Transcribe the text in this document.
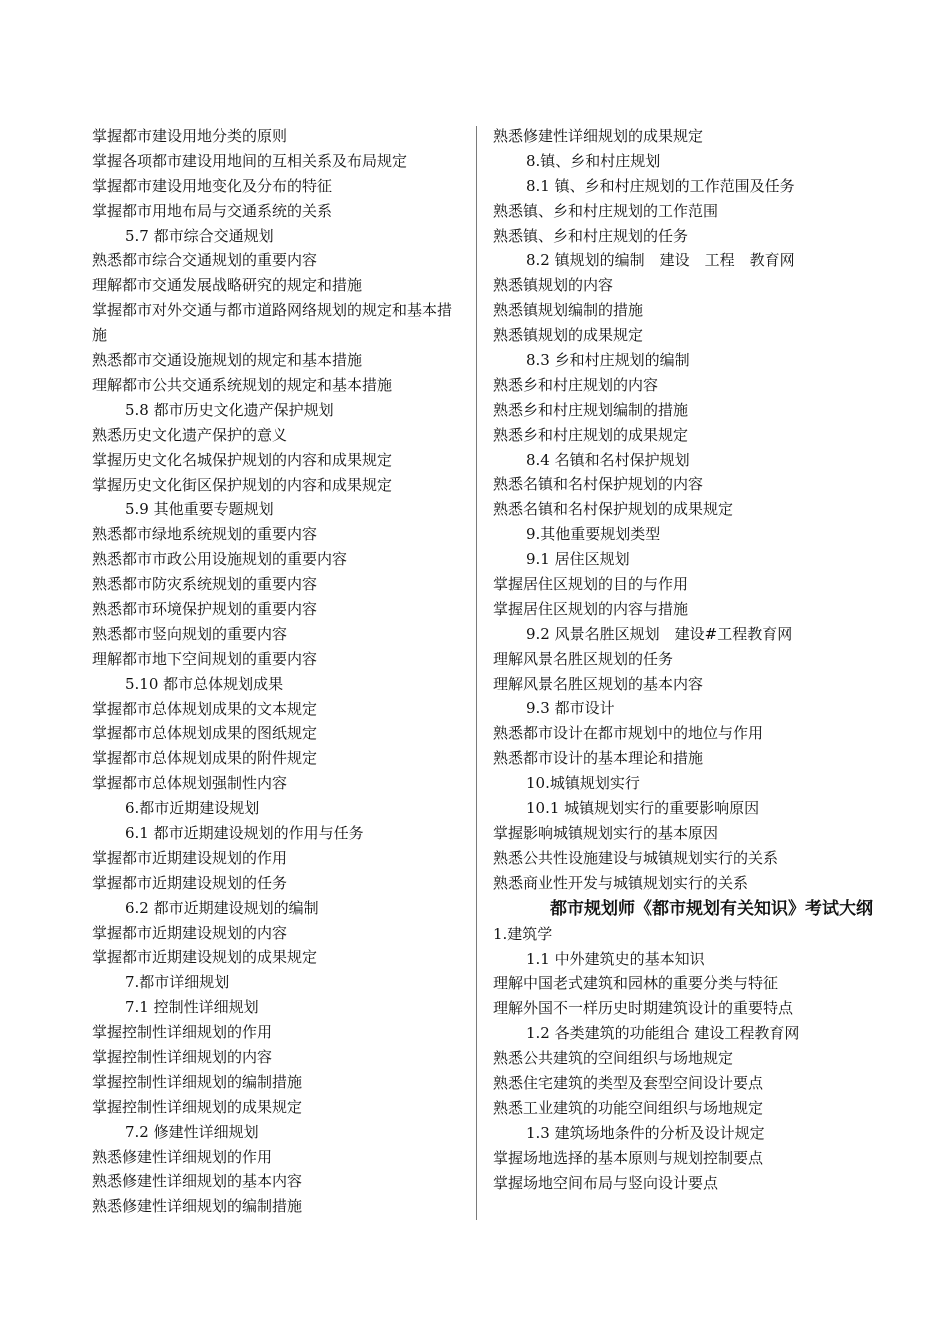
掌握都市建设用地分类的原则
掌握各项都市建设用地间的互相关系及布局规定
掌握都市建设用地变化及分布的特征
掌握都市用地布局与交通系统的关系
5.7 都市综合交通规划
熟悉都市综合交通规划的重要内容
理解都市交通发展战略研究的规定和措施
掌握都市对外交通与都市道路网络规划的规定和基本措施
熟悉都市交通设施规划的规定和基本措施
理解都市公共交通系统规划的规定和基本措施
5.8 都市历史文化遗产保护规划
熟悉历史文化遗产保护的意义
掌握历史文化名城保护规划的内容和成果规定
掌握历史文化街区保护规划的内容和成果规定
5.9 其他重要专题规划
熟悉都市绿地系统规划的重要内容
熟悉都市市政公用设施规划的重要内容
熟悉都市防灾系统规划的重要内容
熟悉都市环境保护规划的重要内容
熟悉都市竖向规划的重要内容
理解都市地下空间规划的重要内容
5.10 都市总体规划成果
掌握都市总体规划成果的文本规定
掌握都市总体规划成果的图纸规定
掌握都市总体规划成果的附件规定
掌握都市总体规划强制性内容
6.都市近期建设规划
6.1 都市近期建设规划的作用与任务
掌握都市近期建设规划的作用
掌握都市近期建设规划的任务
6.2 都市近期建设规划的编制
掌握都市近期建设规划的内容
掌握都市近期建设规划的成果规定
7.都市详细规划
7.1 控制性详细规划
掌握控制性详细规划的作用
掌握控制性详细规划的内容
掌握控制性详细规划的编制措施
掌握控制性详细规划的成果规定
7.2 修建性详细规划
熟悉修建性详细规划的作用
熟悉修建性详细规划的基本内容
熟悉修建性详细规划的编制措施
熟悉修建性详细规划的成果规定
8.镇、乡和村庄规划
8.1 镇、乡和村庄规划的工作范围及任务
熟悉镇、乡和村庄规划的工作范围
熟悉镇、乡和村庄规划的任务
8.2 镇规划的编制　建设　工程　教育网
熟悉镇规划的内容
熟悉镇规划编制的措施
熟悉镇规划的成果规定
8.3 乡和村庄规划的编制
熟悉乡和村庄规划的内容
熟悉乡和村庄规划编制的措施
熟悉乡和村庄规划的成果规定
8.4 名镇和名村保护规划
熟悉名镇和名村保护规划的内容
熟悉名镇和名村保护规划的成果规定
9.其他重要规划类型
9.1 居住区规划
掌握居住区规划的目的与作用
掌握居住区规划的内容与措施
9.2 风景名胜区规划　建设#工程教育网
理解风景名胜区规划的任务
理解风景名胜区规划的基本内容
9.3 都市设计
熟悉都市设计在都市规划中的地位与作用
熟悉都市设计的基本理论和措施
10.城镇规划实行
10.1 城镇规划实行的重要影响原因
掌握影响城镇规划实行的基本原因
熟悉公共性设施建设与城镇规划实行的关系
熟悉商业性开发与城镇规划实行的关系
都市规划师《都市规划有关知识》考试大纲
1.建筑学
1.1 中外建筑史的基本知识
理解中国老式建筑和园林的重要分类与特征
理解外国不一样历史时期建筑设计的重要特点
1.2 各类建筑的功能组合 建设工程教育网
熟悉公共建筑的空间组织与场地规定
熟悉住宅建筑的类型及套型空间设计要点
熟悉工业建筑的功能空间组织与场地规定
1.3 建筑场地条件的分析及设计规定
掌握场地选择的基本原则与规划控制要点
掌握场地空间布局与竖向设计要点
